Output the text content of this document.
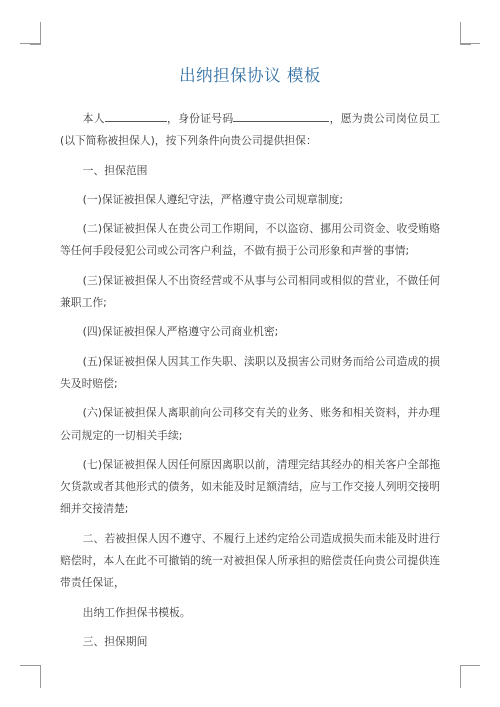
出纳担保协议 模板

本人	，身份证号码	，愿为贵公司岗位员工(以下简称被担保人)，按下列条件向贵公司提供担保：

一、担保范围

(一)保证被担保人遵纪守法，严格遵守贵公司规章制度;

(二)保证被担保人在贵公司工作期间，不以盗窃、挪用公司资金、收受贿赂等任何手段侵犯公司或公司客户利益，不做有损于公司形象和声誉的事情;

(三)保证被担保人不出资经营或不从事与公司相同或相似的营业，不做任何兼职工作;

(四)保证被担保人严格遵守公司商业机密;

(五)保证被担保人因其工作失职、渎职以及损害公司财务而给公司造成的损失及时赔偿;

(六)保证被担保人离职前向公司移交有关的业务、账务和相关资料，并办理公司规定的一切相关手续;

(七)保证被担保人因任何原因离职以前，清理完结其经办的相关客户全部拖欠货款或者其他形式的债务，如未能及时足额清结，应与工作交接人列明交接明细并交接清楚;

二、若被担保人因不遵守、不履行上述约定给公司造成损失而未能及时进行赔偿时，本人在此不可撤销的统一对被担保人所承担的赔偿责任向贵公司提供连带责任保证，

出纳工作担保书模板。

三、担保期间
